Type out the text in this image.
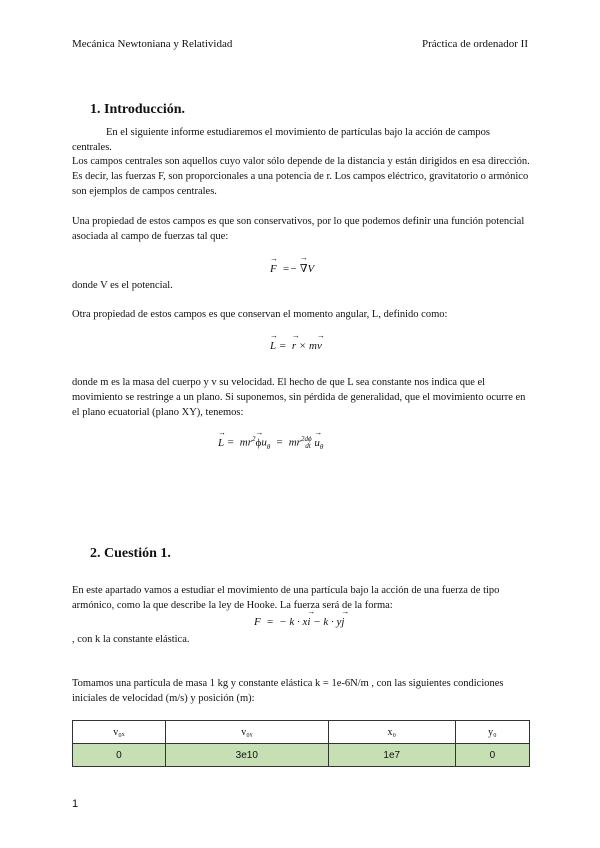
Mecánica Newtoniana y Relatividad	Práctica de ordenador II
1. Introducción.
En el siguiente informe estudiaremos el movimiento de partículas bajo la acción de campos centrales.
Los campos centrales son aquellos cuyo valor sólo depende de la distancia y están dirigidos en esa dirección. Es decir, las fuerzas F, son proporcionales a una potencia de r. Los campos eléctrico, gravitatorio o armónico son ejemplos de campos centrales.
Una propiedad de estos campos es que son conservativos, por lo que podemos definir una función potencial asociada al campo de fuerzas tal que:
→ F  =− → ∇V
donde V es el potencial.
Otra propiedad de estos campos es que conservan el momento angular, L, definido como:
→ L =  → r × m→ v
donde m es la masa del cuerpo y v su velocidad. El hecho de que L sea constante nos indica que el movimiento se restringe a un plano. Si suponemos, sin pérdida de generalidad, que el movimiento ocurre en el plano ecuatorial (plano XY), tenemos:
→ $L = mr^2\to \phi u_\theta = mr^2d\phi$
dt → $u_\theta$
2. Cuestión 1.
En este apartado vamos a estudiar el movimiento de una partícula bajo la acción de una fuerza de tipo armónico, como la que describe la ley de Hooke. La fuerza será de la forma:
F  =  − k · x→ i − k · y→ j
, con k la constante elástica.
Tomamos una partícula de masa 1 kg y constante elástica k = 1e-6N/m , con las siguientes condiciones iniciales de velocidad (m/s) y posición (m):
v₀ₓ	v₀ᵧ	x₀	y₀
0	3e10	1e7	0
1
